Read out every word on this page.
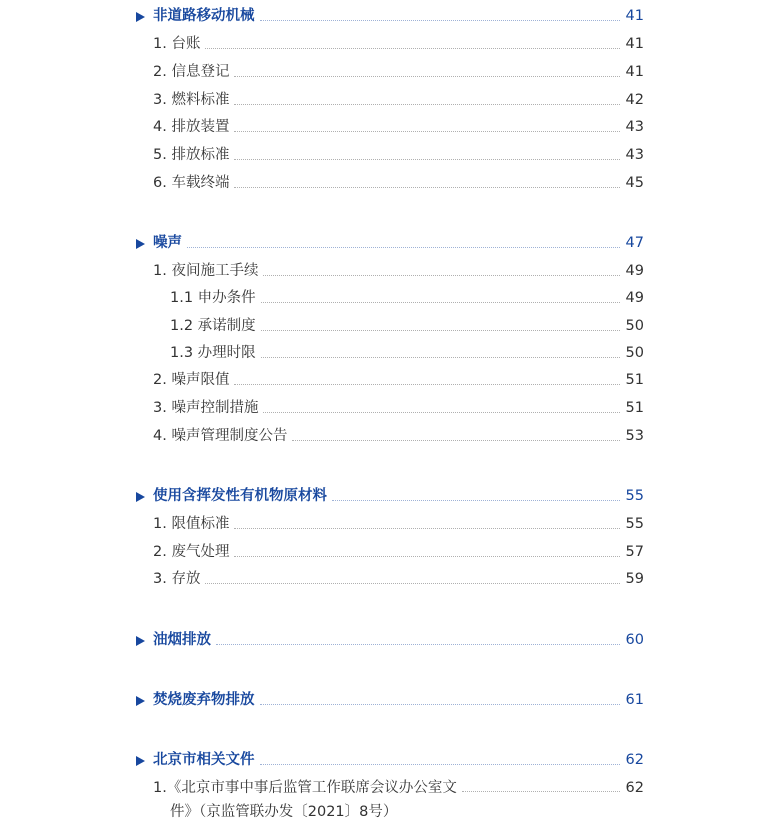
非道路移动机械	41
1. 台账	41
2. 信息登记	41
3. 燃料标准	42
4. 排放装置	43
5. 排放标准	43
6. 车载终端	45
噪声	47
1. 夜间施工手续	49
1.1 申办条件	49
1.2 承诺制度	50
1.3 办理时限	50
2. 噪声限值	51
3. 噪声控制措施	51
4. 噪声管理制度公告	53
使用含挥发性有机物原材料	55
1. 限值标准	55
2. 废气处理	57
3. 存放	59
油烟排放	60
焚烧废弃物排放	61
北京市相关文件	62
1.《北京市事中事后监管工作联席会议办公室文	62
件》（京监管联办发〔2021〕8号）
